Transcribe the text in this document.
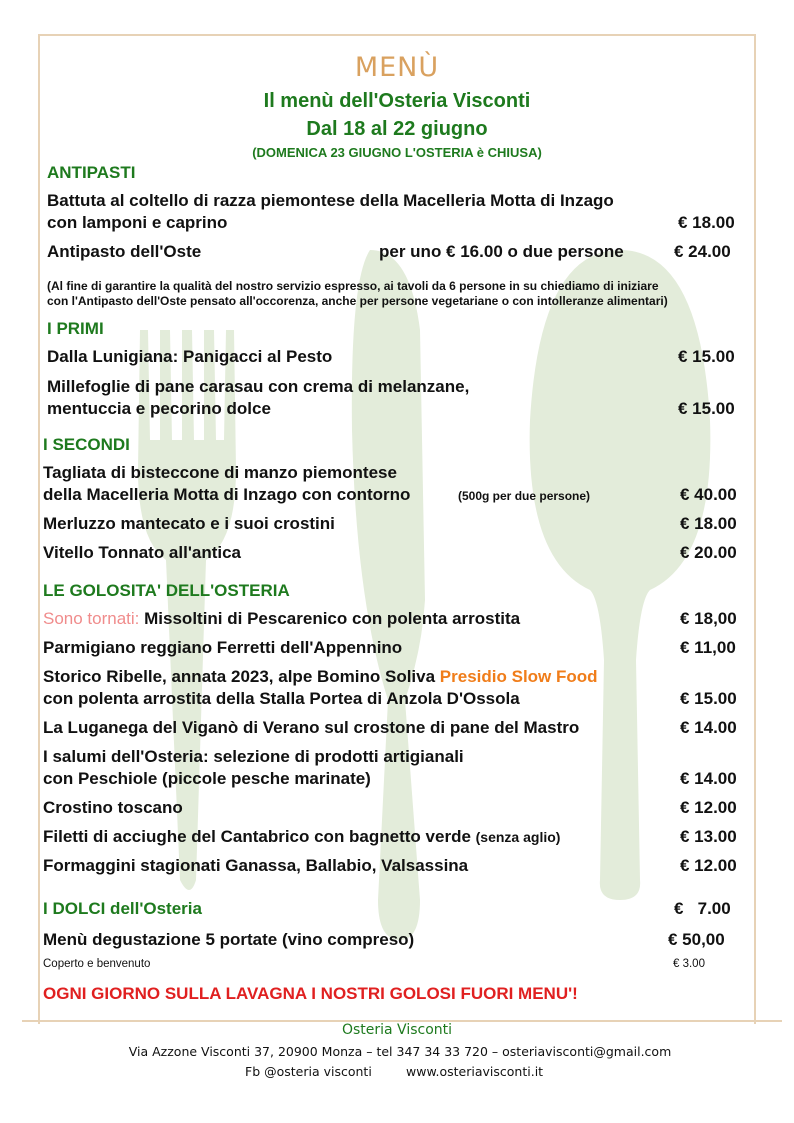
MENÙ
Il menù dell'Osteria Visconti
Dal 18 al 22 giugno
(DOMENICA 23 GIUGNO L'OSTERIA è CHIUSA)
ANTIPASTI
Battuta al coltello di razza piemontese della Macelleria Motta di Inzago
con lamponi e caprino	€ 18.00
Antipasto dell'Oste	per uno € 16.00 o due persone	€ 24.00
(Al fine di garantire la qualità del nostro servizio espresso, ai tavoli da 6 persone in su chiediamo di iniziare
con l'Antipasto dell'Oste pensato all'occorenza, anche per persone vegetariane o con intolleranze alimentari)
I PRIMI
Dalla Lunigiana: Panigacci al Pesto	€ 15.00
Millefoglie di pane carasau con crema di melanzane,
mentuccia e pecorino dolce	€ 15.00
I SECONDI
Tagliata di bisteccone di manzo piemontese
della Macelleria Motta di Inzago con contorno	(500g per due persone)	€ 40.00
Merluzzo mantecato e i suoi crostini	€ 18.00
Vitello Tonnato all'antica	€ 20.00
LE GOLOSITA' DELL'OSTERIA
Sono tornati: Missoltini di Pescarenico con polenta arrostita	€ 18,00
Parmigiano reggiano Ferretti dell'Appennino	€ 11,00
Storico Ribelle, annata 2023, alpe Bomino Soliva Presidio Slow Food
con polenta arrostita della Stalla Portea di Anzola D'Ossola	€ 15.00
La Luganega del Viganò di Verano sul crostone di pane del Mastro	€ 14.00
I salumi dell'Osteria: selezione di prodotti artigianali
con Peschiole (piccole pesche marinate)	€ 14.00
Crostino toscano	€ 12.00
Filetti di acciughe del Cantabrico con bagnetto verde (senza aglio)	€ 13.00
Formaggini stagionati Ganassa, Ballabio, Valsassina	€ 12.00
I DOLCI dell'Osteria	€   7.00
Menù degustazione 5 portate (vino compreso)	€ 50,00
Coperto e benvenuto	€ 3.00
OGNI GIORNO SULLA LAVAGNA I NOSTRI GOLOSI FUORI MENU'!
Osteria Visconti
Via Azzone Visconti 37, 20900 Monza – tel 347 34 33 720 – osteriavisconti@gmail.com
Fb @osteria visconti	www.osteriavisconti.it
